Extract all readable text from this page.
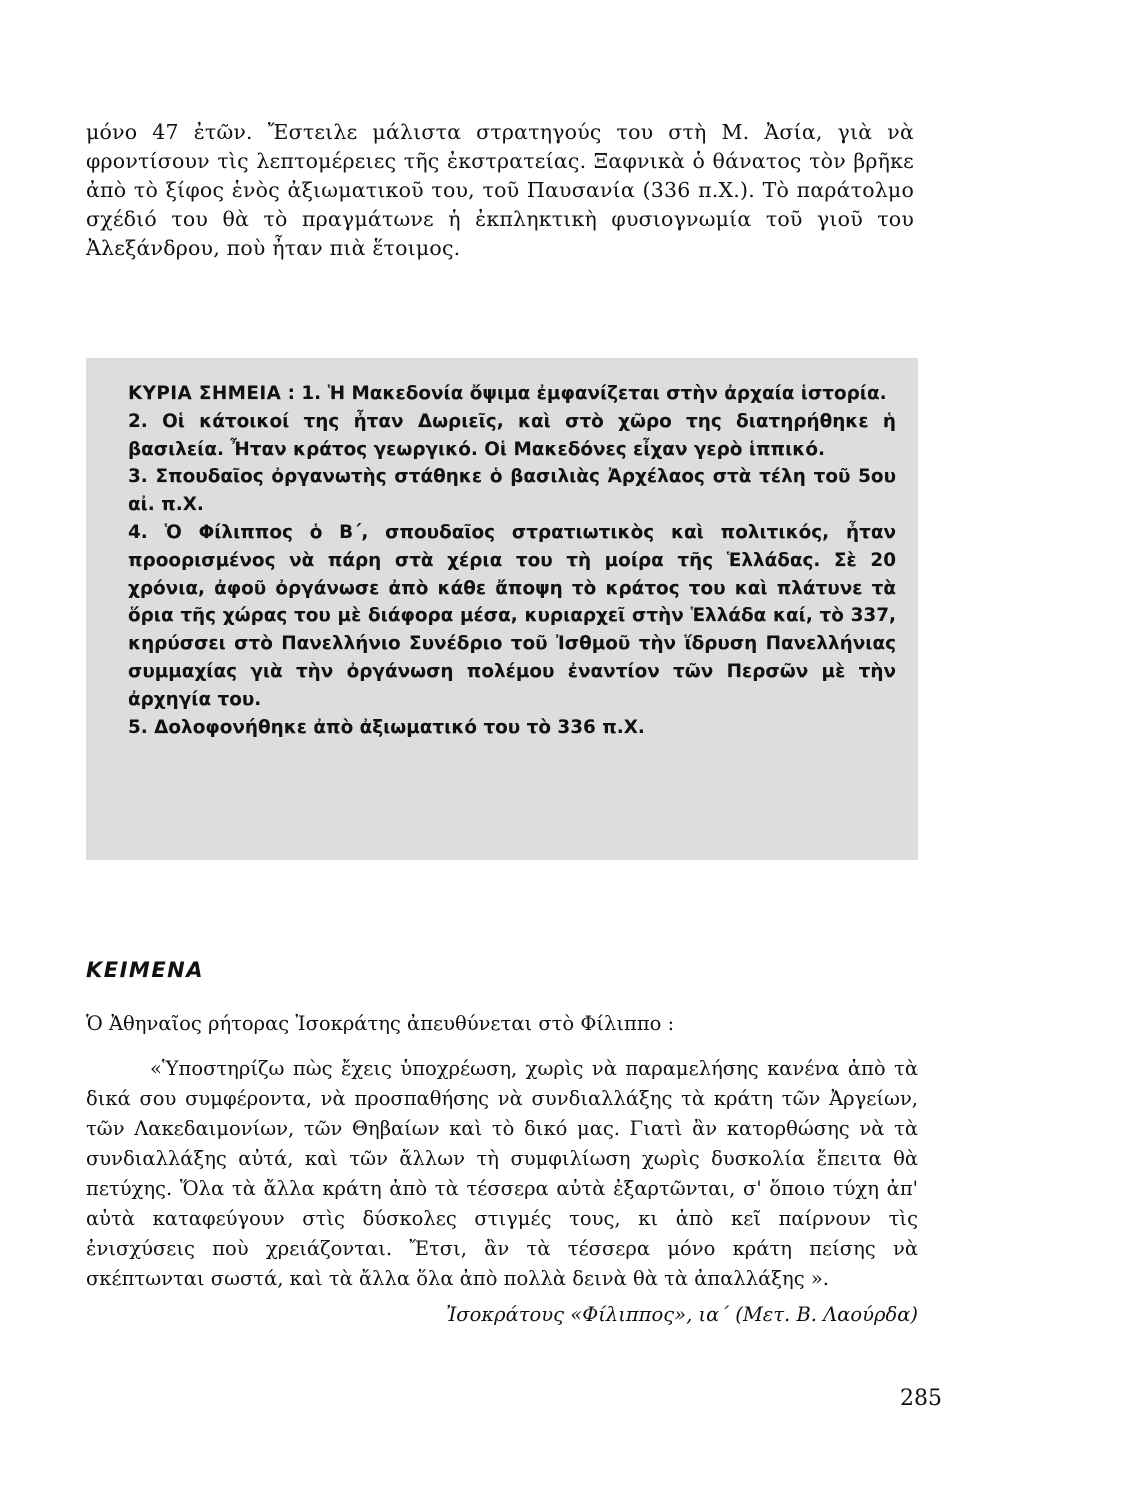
μόνο 47 ἐτῶν. Ἔστειλε μάλιστα στρατηγούς του στὴ Μ. Ἀσία, γιὰ νὰ φροντίσουν τὶς λεπτομέρειες τῆς ἐκστρατείας. Ξαφνικὰ ὁ θάνατος τὸν βρῆκε ἀπὸ τὸ ξίφος ἑνὸς ἀξιωματικοῦ του, τοῦ Παυσανία (336 π.Χ.). Τὸ παράτολμο σχέδιό του θὰ τὸ πραγμάτωνε ἡ ἐκπληκτικὴ φυσιογνωμία τοῦ γιοῦ του Ἀλεξάνδρου, ποὺ ἦταν πιὰ ἕτοιμος.

ΚΥΡΙΑ ΣΗΜΕΙΑ : 1. Ἡ Μακεδονία ὄψιμα ἐμφανίζεται στὴν ἀρχαία ἱστορία.

2. Οἱ κάτοικοί της ἦταν Δωριεῖς, καὶ στὸ χῶρο της διατηρήθηκε ἡ βασιλεία. Ἦταν κράτος γεωργικό. Οἱ Μακεδόνες εἶχαν γερὸ ἱππικό.

3. Σπουδαῖος ὀργανωτὴς στάθηκε ὁ βασιλιὰς Ἀρχέλαος στὰ τέλη τοῦ 5ου αἰ. π.Χ.

4. Ὁ Φίλιππος ὁ Β΄, σπουδαῖος στρατιωτικὸς καὶ πολιτικός, ἦταν προορισμένος νὰ πάρη στὰ χέρια του τὴ μοίρα τῆς Ἑλλάδας. Σὲ 20 χρόνια, ἀφοῦ ὀργάνωσε ἀπὸ κάθε ἄποψη τὸ κράτος του καὶ πλάτυνε τὰ ὅρια τῆς χώρας του μὲ διάφορα μέσα, κυριαρχεῖ στὴν Ἑλλάδα καί, τὸ 337, κηρύσσει στὸ Πανελλήνιο Συνέδριο τοῦ Ἰσθμοῦ τὴν ἵδρυση Πανελλήνιας συμμαχίας γιὰ τὴν ὀργάνωση πολέμου ἐναντίον τῶν Περσῶν μὲ τὴν ἀρχηγία του.

5. Δολοφονήθηκε ἀπὸ ἀξιωματικό του τὸ 336 π.Χ.

ΚΕΙΜΕΝΑ
Ὁ Ἀθηναῖος ρήτορας Ἰσοκράτης ἀπευθύνεται στὸ Φίλιππο :

«Ὑποστηρίζω πὼς ἔχεις ὑποχρέωση, χωρὶς νὰ παραμελήσης κανένα ἀπὸ τὰ δικά σου συμφέροντα, νὰ προσπαθήσης νὰ συνδιαλλάξης τὰ κράτη τῶν Ἀργείων, τῶν Λακεδαιμονίων, τῶν Θηβαίων καὶ τὸ δικό μας. Γιατὶ ἂν κατορθώσης νὰ τὰ συνδιαλλάξης αὐτά, καὶ τῶν ἄλλων τὴ συμφιλίωση χωρὶς δυσκολία ἔπειτα θὰ πετύχης. Ὅλα τὰ ἄλλα κράτη ἀπὸ τὰ τέσσερα αὐτὰ ἐξαρτῶνται, σ' ὅποιο τύχη ἀπ' αὐτὰ καταφεύγουν στὶς δύσκολες στιγμές τους, κι ἀπὸ κεῖ παίρνουν τὶς ἐνισχύσεις ποὺ χρειάζονται. Ἔτσι, ἂν τὰ τέσσερα μόνο κράτη πείσης νὰ σκέπτωνται σωστά, καὶ τὰ ἄλλα ὅλα ἀπὸ πολλὰ δεινὰ θὰ τὰ ἀπαλλάξης ».

Ἰσοκράτους «Φίλιππος», ια΄ (Μετ. Β. Λαούρδα)
285
